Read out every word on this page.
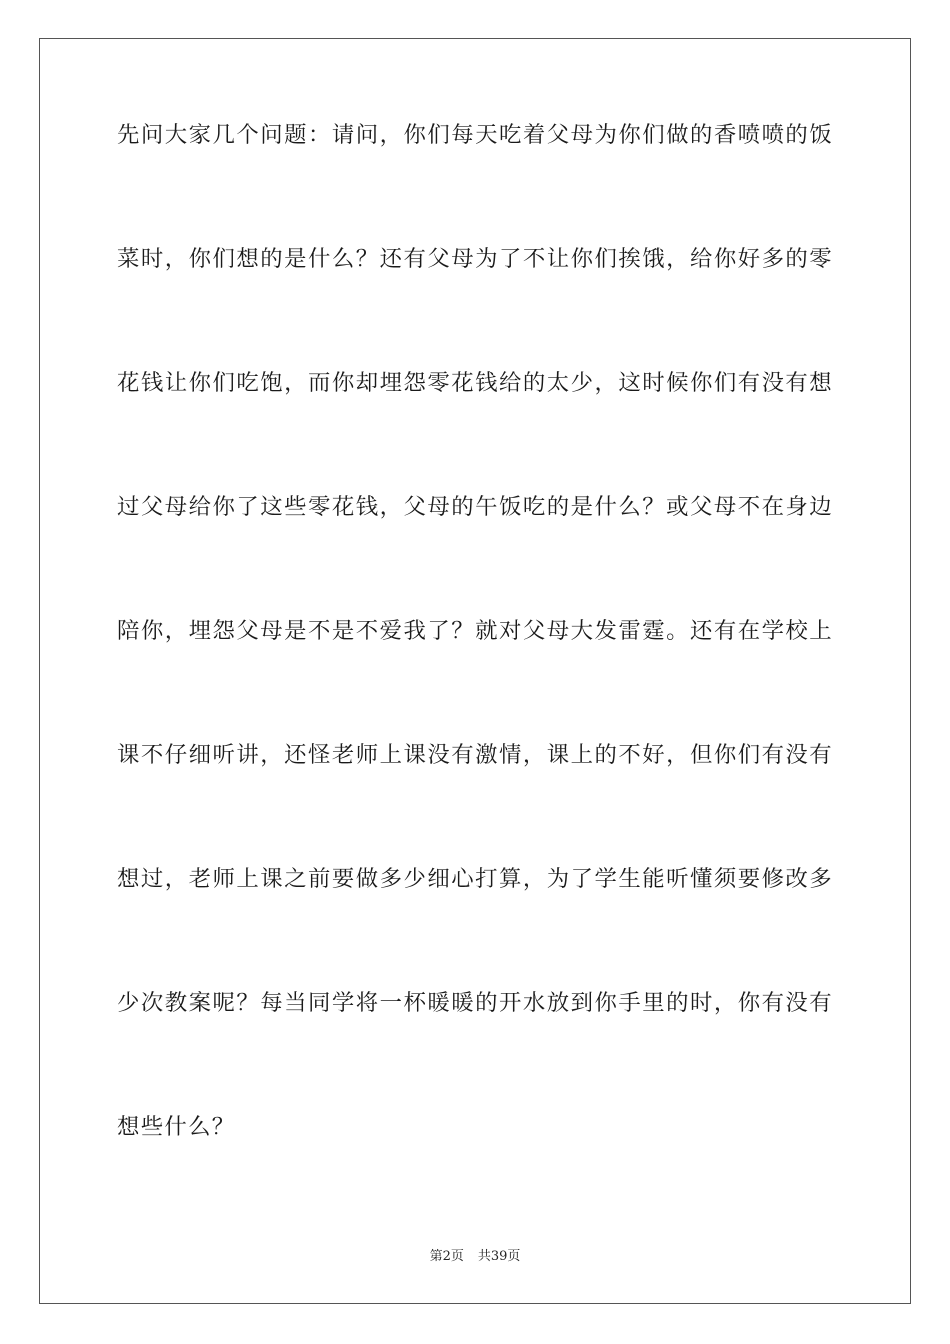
先问大家几个问题：请问，你们每天吃着父母为你们做的香喷喷的饭
菜时，你们想的是什么？还有父母为了不让你们挨饿，给你好多的零
花钱让你们吃饱，而你却埋怨零花钱给的太少，这时候你们有没有想
过父母给你了这些零花钱，父母的午饭吃的是什么？或父母不在身边
陪你，埋怨父母是不是不爱我了？就对父母大发雷霆。还有在学校上
课不仔细听讲，还怪老师上课没有激情，课上的不好，但你们有没有
想过，老师上课之前要做多少细心打算，为了学生能听懂须要修改多
少次教案呢？每当同学将一杯暖暖的开水放到你手里的时，你有没有
想些什么？
第2页 共39页
